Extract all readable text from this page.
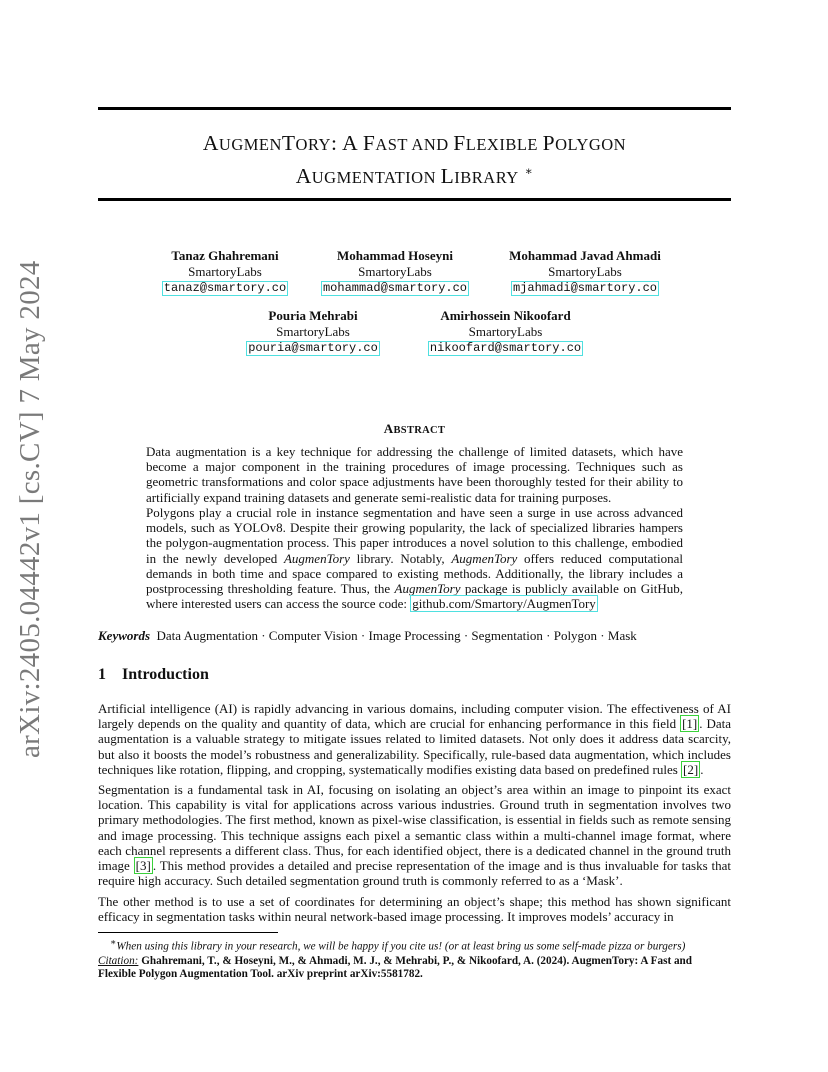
arXiv:2405.04442v1 [cs.CV] 7 May 2024
AUGMENTORY: A FAST AND FLEXIBLE POLYGON
AUGMENTATION LIBRARY ∗
Tanaz Ghahremani
SmartoryLabs
tanaz@smartory.co
Mohammad Hoseyni
SmartoryLabs
mohammad@smartory.co
Mohammad Javad Ahmadi
SmartoryLabs
mjahmadi@smartory.co
Pouria Mehrabi
SmartoryLabs
pouria@smartory.co
Amirhossein Nikoofard
SmartoryLabs
nikoofard@smartory.co
ABSTRACT
Data augmentation is a key technique for addressing the challenge of limited datasets, which have become a major component in the training procedures of image processing. Techniques such as geometric transformations and color space adjustments have been thoroughly tested for their ability to artificially expand training datasets and generate semi-realistic data for training purposes.
Polygons play a crucial role in instance segmentation and have seen a surge in use across advanced models, such as YOLOv8. Despite their growing popularity, the lack of specialized libraries hampers the polygon-augmentation process. This paper introduces a novel solution to this challenge, embodied in the newly developed AugmenTory library. Notably, AugmenTory offers reduced computational demands in both time and space compared to existing methods. Additionally, the library includes a postprocessing thresholding feature. Thus, the AugmenTory package is publicly available on GitHub, where interested users can access the source code: github.com/Smartory/AugmenTory
Keywords Data Augmentation · Computer Vision · Image Processing · Segmentation · Polygon · Mask
1 Introduction
Artificial intelligence (AI) is rapidly advancing in various domains, including computer vision. The effectiveness of AI largely depends on the quality and quantity of data, which are crucial for enhancing performance in this field [1] . Data augmentation is a valuable strategy to mitigate issues related to limited datasets. Not only does it address data scarcity, but also it boosts the model’s robustness and generalizability. Specifically, rule-based data augmentation, which includes techniques like rotation, flipping, and cropping, systematically modifies existing data based on predefined rules [2] .
Segmentation is a fundamental task in AI, focusing on isolating an object’s area within an image to pinpoint its exact location. This capability is vital for applications across various industries. Ground truth in segmentation involves two primary methodologies. The first method, known as pixel-wise classification, is essential in fields such as remote sensing and image processing. This technique assigns each pixel a semantic class within a multi-channel image format, where each channel represents a different class. Thus, for each identified object, there is a dedicated channel in the ground truth image [3] . This method provides a detailed and precise representation of the image and is thus invaluable for tasks that require high accuracy. Such detailed segmentation ground truth is commonly referred to as a ‘Mask’.
The other method is to use a set of coordinates for determining an object’s shape; this method has shown significant efficacy in segmentation tasks within neural network-based image processing. It improves models’ accuracy in
∗When using this library in your research, we will be happy if you cite us! (or at least bring us some self-made pizza or burgers)
Citation: Ghahremani, T., & Hoseyni, M., & Ahmadi, M. J., & Mehrabi, P., & Nikoofard, A. (2024). AugmenTory: A Fast and Flexible Polygon Augmentation Tool. arXiv preprint arXiv:5581782.
